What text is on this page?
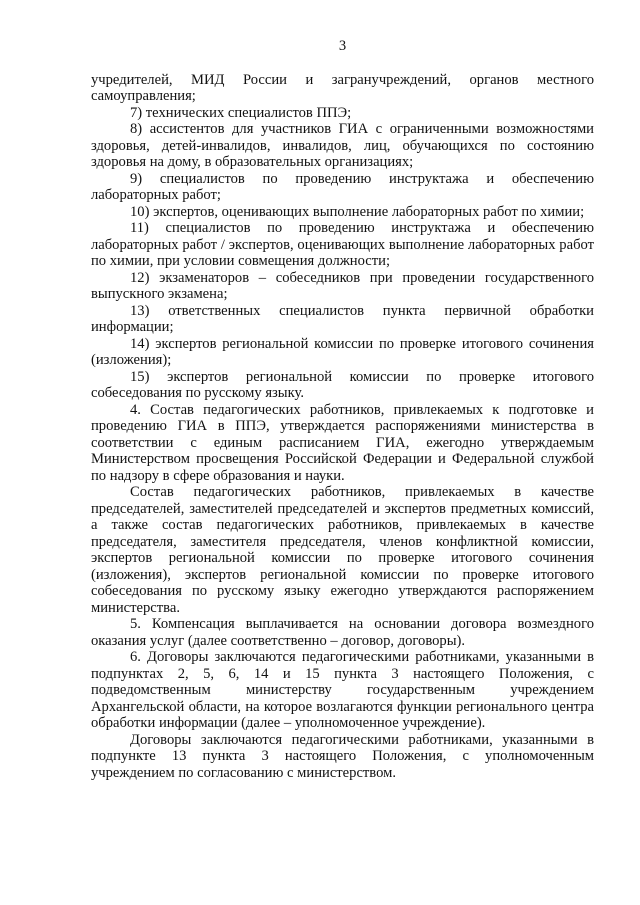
3

учредителей, МИД России и загранучреждений, органов местного самоуправления;

7) технических специалистов ППЭ;

8) ассистентов для участников ГИА с ограниченными возможностями здоровья, детей-инвалидов, инвалидов, лиц, обучающихся по состоянию здоровья на дому, в образовательных организациях;

9) специалистов по проведению инструктажа и обеспечению лабораторных работ;

10) экспертов, оценивающих выполнение лабораторных работ по химии;

11) специалистов по проведению инструктажа и обеспечению лабораторных работ / экспертов, оценивающих выполнение лабораторных работ по химии, при условии совмещения должности;

12) экзаменаторов – собеседников при проведении государственного выпускного экзамена;

13) ответственных специалистов пункта первичной обработки информации;

14) экспертов региональной комиссии по проверке итогового сочинения (изложения);

15) экспертов региональной комиссии по проверке итогового собеседования по русскому языку.

4. Состав педагогических работников, привлекаемых к подготовке и проведению ГИА в ППЭ, утверждается распоряжениями министерства в соответствии с единым расписанием ГИА, ежегодно утверждаемым Министерством просвещения Российской Федерации и Федеральной службой по надзору в сфере образования и науки.

Состав педагогических работников, привлекаемых в качестве председателей, заместителей председателей и экспертов предметных комиссий, а также состав педагогических работников, привлекаемых в качестве председателя, заместителя председателя, членов конфликтной комиссии, экспертов региональной комиссии по проверке итогового сочинения (изложения), экспертов региональной комиссии по проверке итогового собеседования по русскому языку ежегодно утверждаются распоряжением министерства.

5. Компенсация выплачивается на основании договора возмездного оказания услуг (далее соответственно – договор, договоры).

6. Договоры заключаются педагогическими работниками, указанными в подпунктах 2, 5, 6, 14 и 15 пункта 3 настоящего Положения, с подведомственным министерству государственным учреждением Архангельской области, на которое возлагаются функции регионального центра обработки информации (далее – уполномоченное учреждение).

Договоры заключаются педагогическими работниками, указанными в подпункте 13 пункта 3 настоящего Положения, с уполномоченным учреждением по согласованию с министерством.
